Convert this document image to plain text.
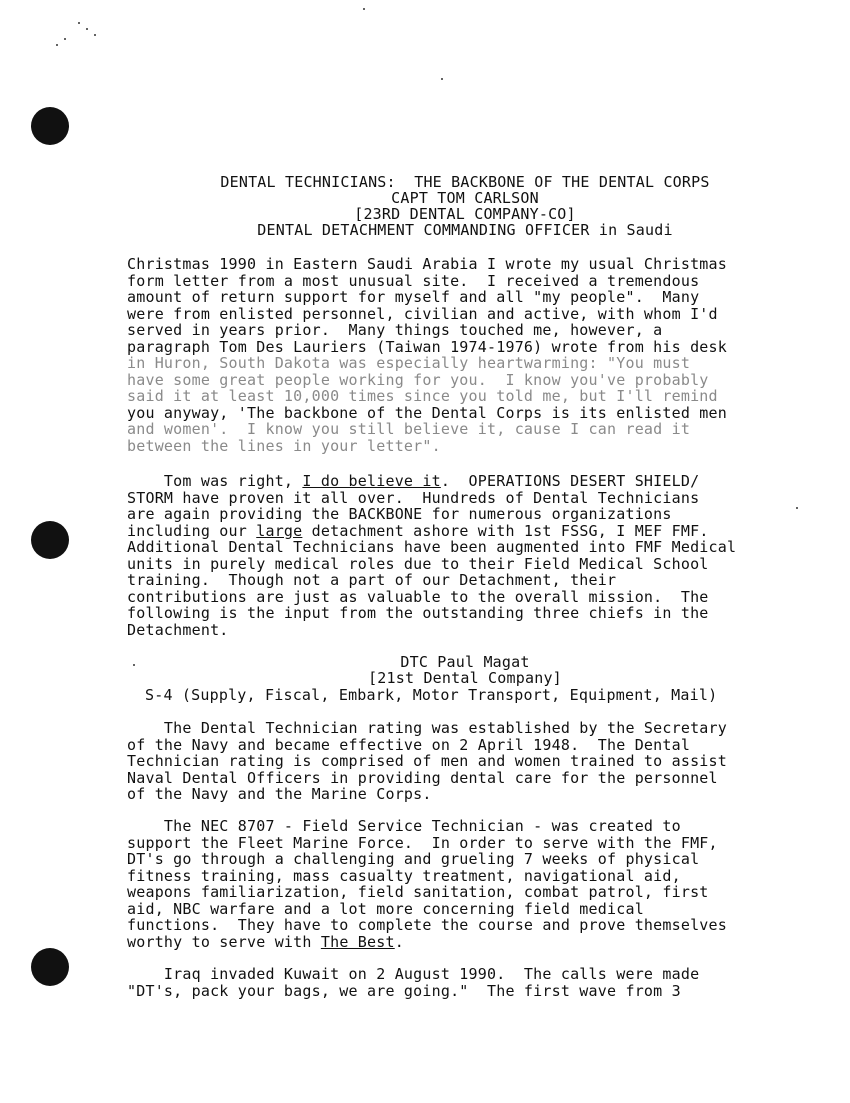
DENTAL TECHNICIANS:  THE BACKBONE OF THE DENTAL CORPS
CAPT TOM CARLSON
[23RD DENTAL COMPANY-CO]
DENTAL DETACHMENT COMMANDING OFFICER in Saudi
Christmas 1990 in Eastern Saudi Arabia I wrote my usual Christmas
form letter from a most unusual site.  I received a tremendous
amount of return support for myself and all "my people".  Many
were from enlisted personnel, civilian and active, with whom I'd
served in years prior.  Many things touched me, however, a
paragraph Tom Des Lauriers (Taiwan 1974-1976) wrote from his desk
in Huron, South Dakota was especially heartwarming: "You must
have some great people working for you.  I know you've probably
said it at least 10,000 times since you told me, but I'll remind
you anyway, 'The backbone of the Dental Corps is its enlisted men
and women'.  I know you still believe it, cause I can read it
between the lines in your letter".
Tom was right, I do believe it.  OPERATIONS DESERT SHIELD/
STORM have proven it all over.  Hundreds of Dental Technicians
are again providing the BACKBONE for numerous organizations
including our large detachment ashore with 1st FSSG, I MEF FMF.
Additional Dental Technicians have been augmented into FMF Medical
units in purely medical roles due to their Field Medical School
training.  Though not a part of our Detachment, their
contributions are just as valuable to the overall mission.  The
following is the input from the outstanding three chiefs in the
Detachment.
DTC Paul Magat
[21st Dental Company]
S-4 (Supply, Fiscal, Embark, Motor Transport, Equipment, Mail)
The Dental Technician rating was established by the Secretary
of the Navy and became effective on 2 April 1948.  The Dental
Technician rating is comprised of men and women trained to assist
Naval Dental Officers in providing dental care for the personnel
of the Navy and the Marine Corps.
The NEC 8707 - Field Service Technician - was created to
support the Fleet Marine Force.  In order to serve with the FMF,
DT's go through a challenging and grueling 7 weeks of physical
fitness training, mass casualty treatment, navigational aid,
weapons familiarization, field sanitation, combat patrol, first
aid, NBC warfare and a lot more concerning field medical
functions.  They have to complete the course and prove themselves
worthy to serve with The Best.
Iraq invaded Kuwait on 2 August 1990.  The calls were made
"DT's, pack your bags, we are going."  The first wave from 3
